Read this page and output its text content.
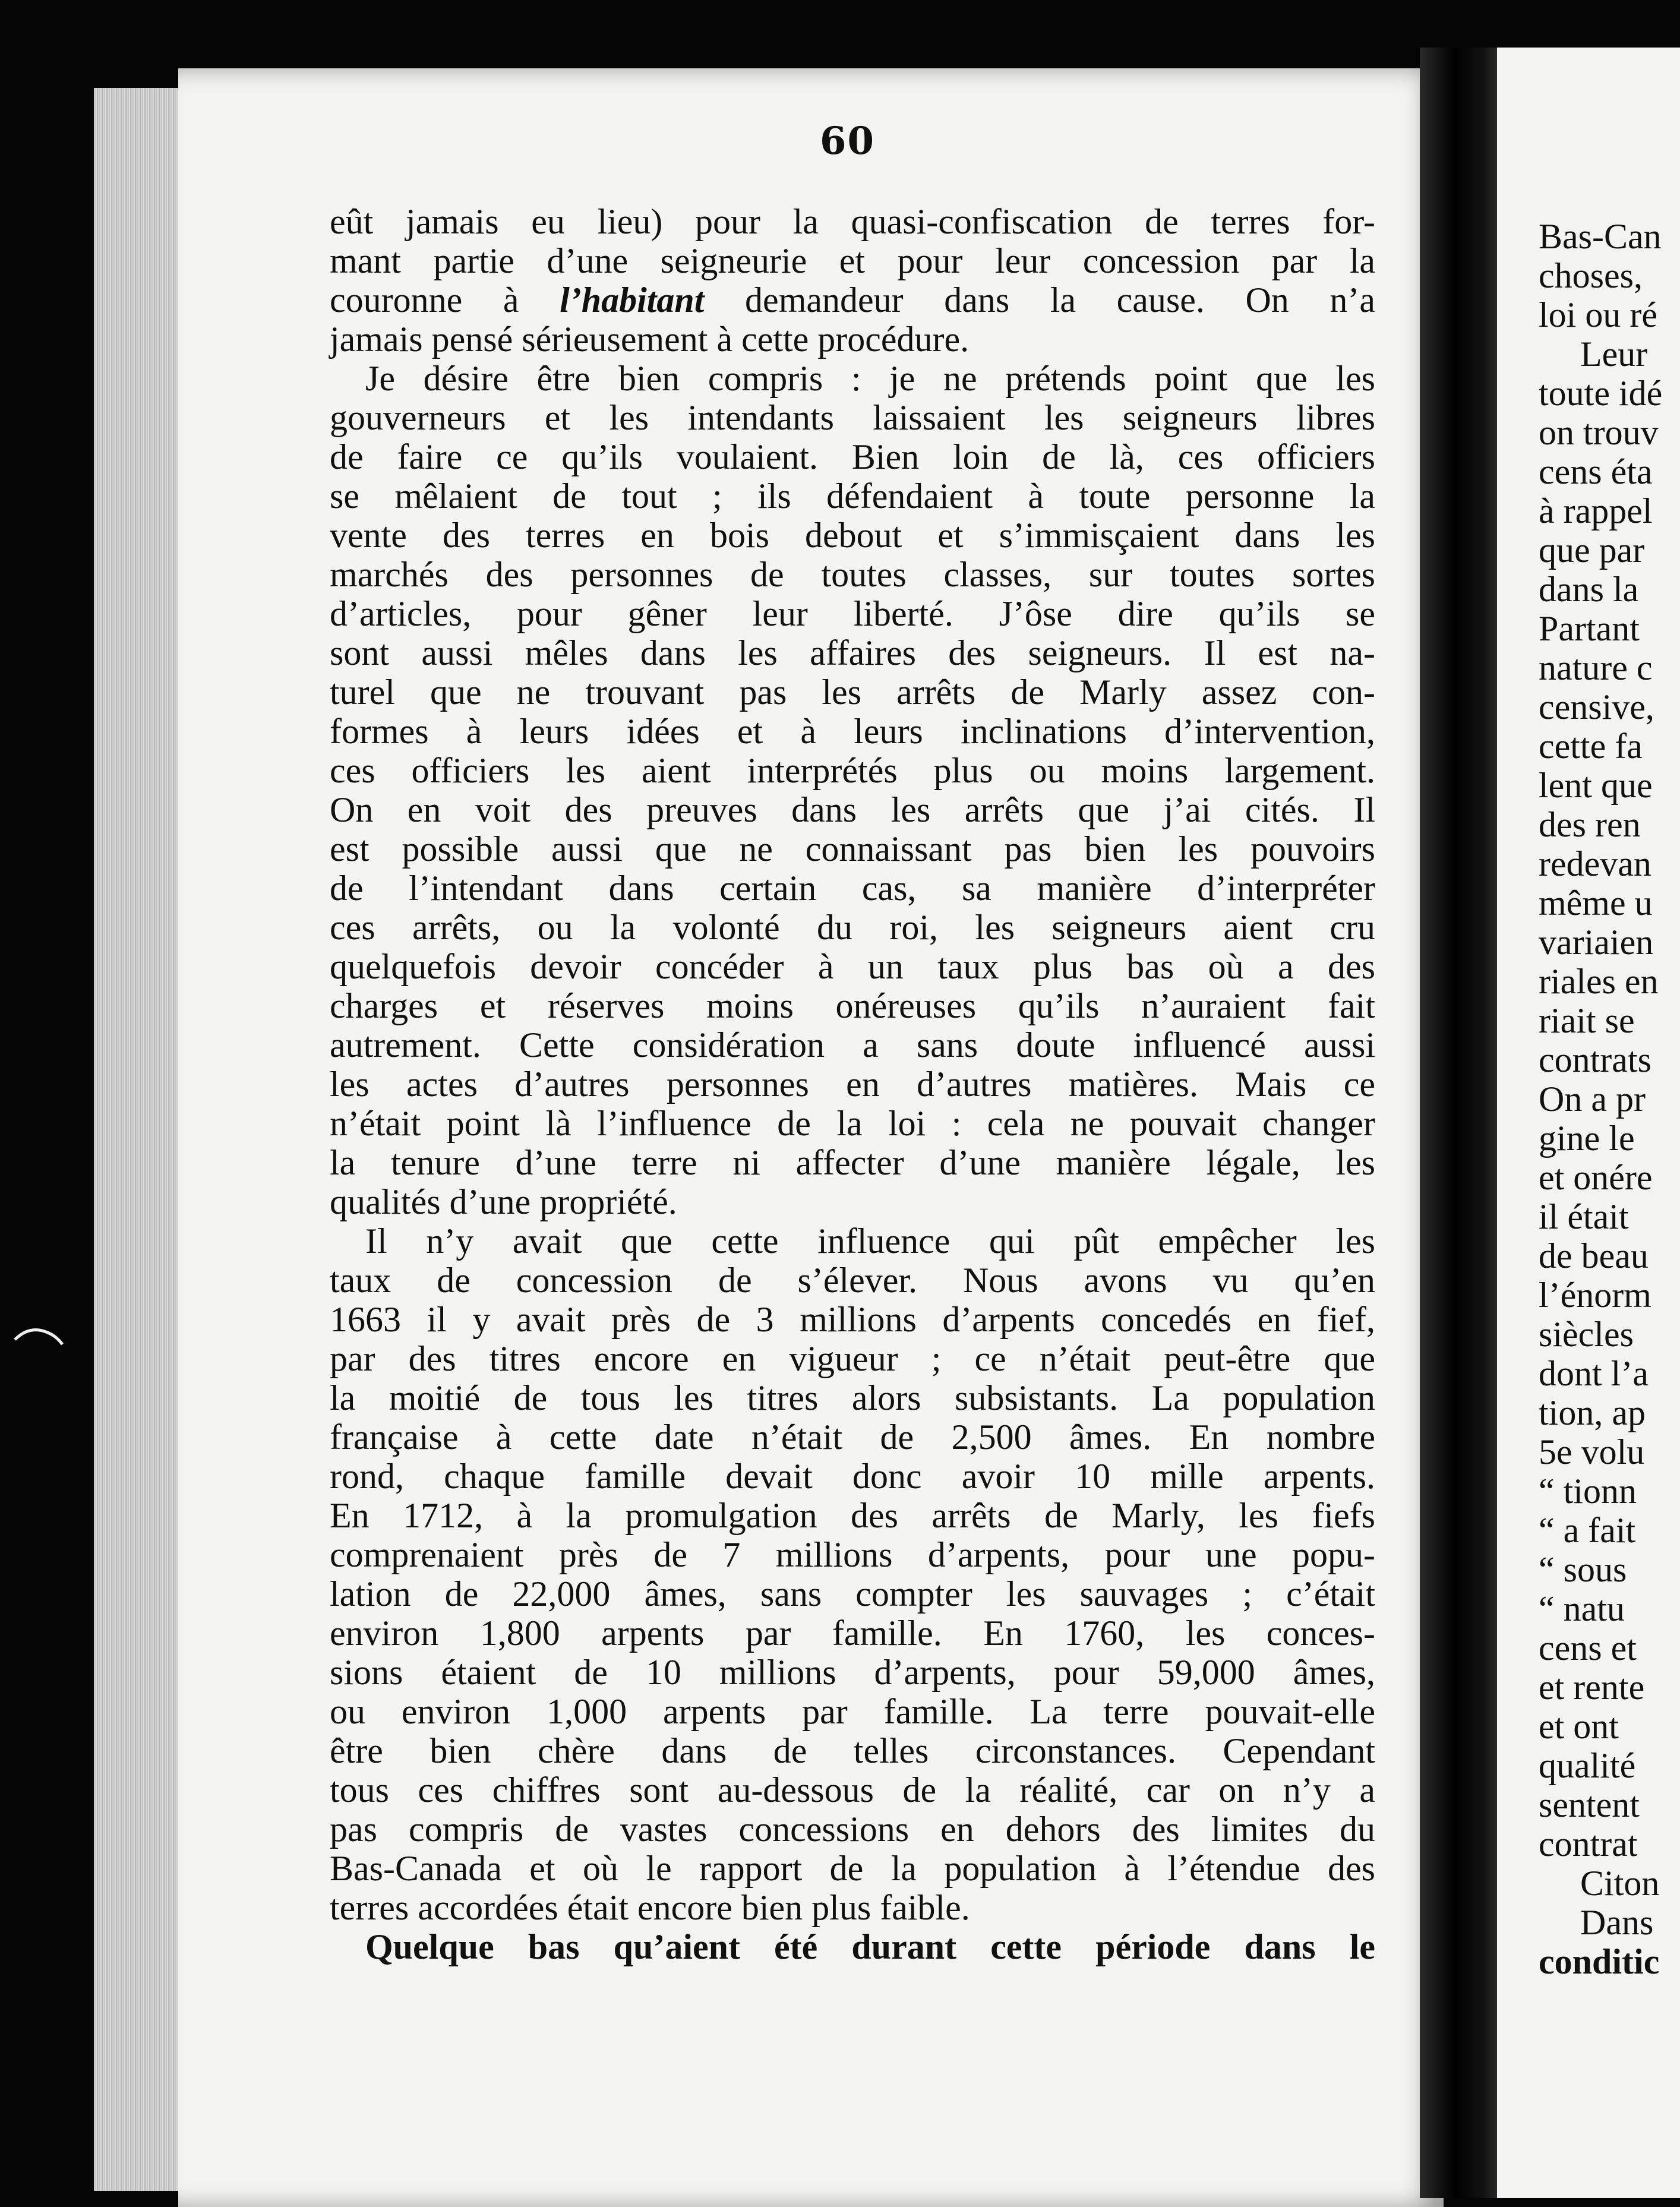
60
eût jamais eu lieu) pour la quasi-confiscation de terres for-
mant partie d’une seigneurie et pour leur concession par la
couronne à l’habitant demandeur dans la cause. On n’a
jamais pensé sérieusement à cette procédure.
Je désire être bien compris : je ne prétends point que les
gouverneurs et les intendants laissaient les seigneurs libres
de faire ce qu’ils voulaient. Bien loin de là, ces officiers
se mêlaient de tout ; ils défendaient à toute personne la
vente des terres en bois debout et s’immisçaient dans les
marchés des personnes de toutes classes, sur toutes sortes
d’articles, pour gêner leur liberté. J’ôse dire qu’ils se
sont aussi mêles dans les affaires des seigneurs. Il est na-
turel que ne trouvant pas les arrêts de Marly assez con-
formes à leurs idées et à leurs inclinations d’intervention,
ces officiers les aient interprétés plus ou moins largement.
On en voit des preuves dans les arrêts que j’ai cités. Il
est possible aussi que ne connaissant pas bien les pouvoirs
de l’intendant dans certain cas, sa manière d’interpréter
ces arrêts, ou la volonté du roi, les seigneurs aient cru
quelquefois devoir concéder à un taux plus bas où a des
charges et réserves moins onéreuses qu’ils n’auraient fait
autrement. Cette considération a sans doute influencé aussi
les actes d’autres personnes en d’autres matières. Mais ce
n’était point là l’influence de la loi : cela ne pouvait changer
la tenure d’une terre ni affecter d’une manière légale, les
qualités d’une propriété.
Il n’y avait que cette influence qui pût empêcher les
taux de concession de s’élever. Nous avons vu qu’en
1663 il y avait près de 3 millions d’arpents concedés en fief,
par des titres encore en vigueur ; ce n’était peut-être que
la moitié de tous les titres alors subsistants. La population
française à cette date n’était de 2,500 âmes. En nombre
rond, chaque famille devait donc avoir 10 mille arpents.
En 1712, à la promulgation des arrêts de Marly, les fiefs
comprenaient près de 7 millions d’arpents, pour une popu-
lation de 22,000 âmes, sans compter les sauvages ; c’était
environ 1,800 arpents par famille. En 1760, les conces-
sions étaient de 10 millions d’arpents, pour 59,000 âmes,
ou environ 1,000 arpents par famille. La terre pouvait-elle
être bien chère dans de telles circonstances. Cependant
tous ces chiffres sont au-dessous de la réalité, car on n’y a
pas compris de vastes concessions en dehors des limites du
Bas-Canada et où le rapport de la population à l’étendue des
terres accordées était encore bien plus faible.
Quelque bas qu’aient été durant cette période dans le
Bas-Can
choses,
loi ou ré
Leur
toute idé
on trouv
cens éta
à rappel
que par
dans la
Partant
nature c
censive,
cette fa
lent que
des ren
redevan
même u
variaien
riales en
riait se
contrats
On a pr
gine le
et onére
il était
de beau
l’énorm
siècles
dont l’a
tion, ap
5e volu
“ tionn
“ a fait
“ sous
“ natu
cens et
et rente
et ont
qualité
sentent
contrat
Citon
Dans
conditic
